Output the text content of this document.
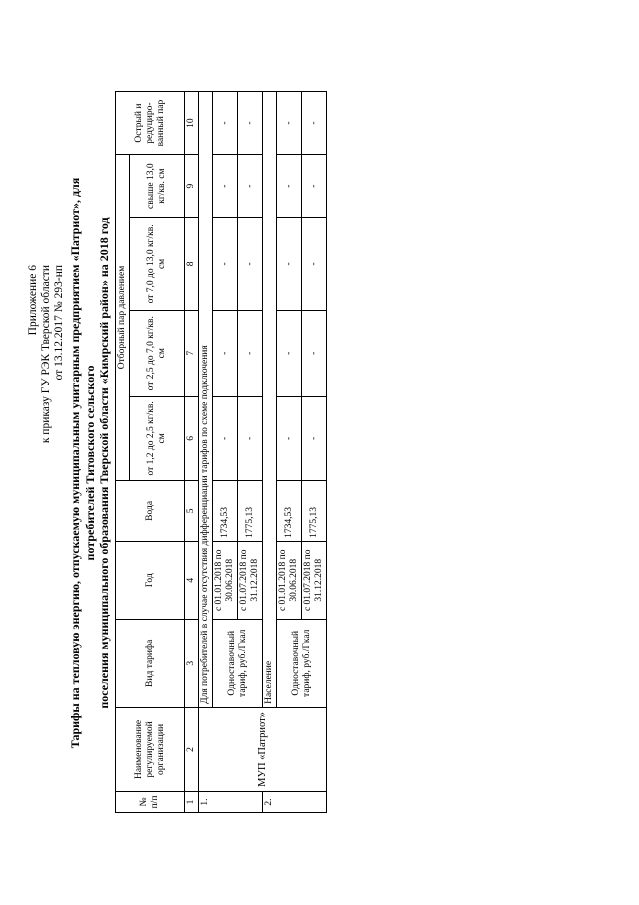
Приложение 6 к приказу ГУ РЭК Тверской области от 13.12.2017 № 293-нп Тарифы на тепловую энергию, отпускаемую муниципальным унитарным предприятием «Патриот», для потребителей Титовского сельского поселения муниципального образования Тверской области «Кимрский район» на 2018 год
№ п/п	Наименование регулируемой организации	Вид тарифа	Год	Вода	Отборный пар давлением				Острый и редуциро-ванный пар
					от 1,2 до 2,5 кг/кв. см	от 2,5 до 7,0 кг/кв. см	от 7,0 до 13,0 кг/кв. см	свыше 13,0 кг/кв. см	
1	2	3	4	5	6	7	8	9	10
1.	МУП «Патриот»	Для потребителей в случае отсутствия дифференциации тарифов по схеме подключения							
		Одноставочный тариф, руб./Гкал	с 01.01.2018 по 30.06.2018	1734,53	-	-	-	-	-
			с 01.07.2018 по 31.12.2018	1775,13	-	-	-	-	-
2.		Население							
		Одноставочный тариф, руб./Гкал	с 01.01.2018 по 30.06.2018	1734,53	-	-	-	-	-
			с 01.07.2018 по 31.12.2018	1775,13	-	-	-	-	-
